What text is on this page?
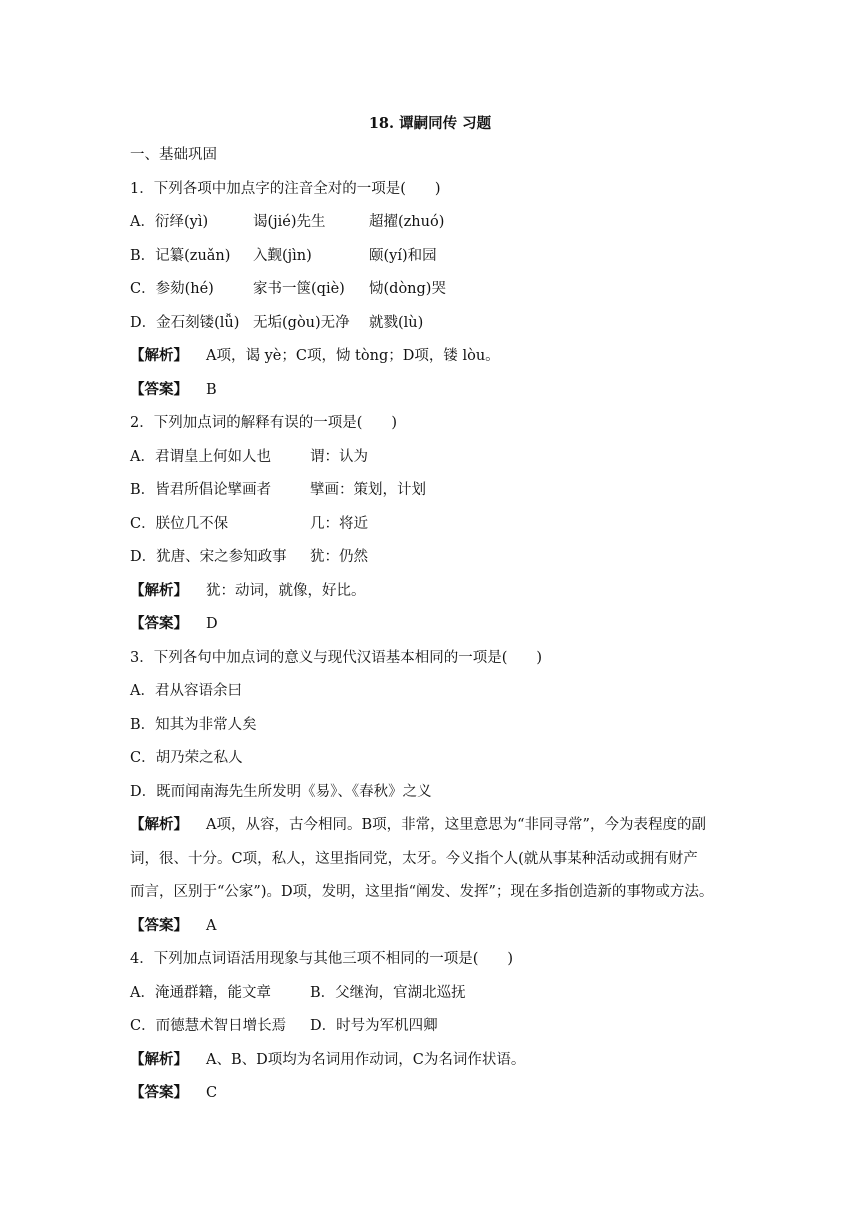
18. 谭嗣同传 习题
一、基础巩固
1．下列各项中加点字的注音全对的一项是(　　)
A．衍绎(yì)	谒(jié)先生	超擢(zhuó)
B．记纂(zuǎn)	入觐(jìn)	颐(yí)和园
C．参劾(hé)	家书一箧(qiè)	恸(dòng)哭
D．金石刻镂(lǚ) 无垢(gòu)无净	就戮(lù)
【解析】 A项，谒 yè；C项，恸 tòng；D项，镂 lòu。
【答案】 B
2．下列加点词的解释有误的一项是(　　)
A．君谓皇上何如人也	谓：认为
B．皆君所倡论擘画者	擘画：策划，计划
C．朕位几不保	几：将近
D．犹唐、宋之参知政事	犹：仍然
【解析】 犹：动词，就像，好比。
【答案】 D
3．下列各句中加点词的意义与现代汉语基本相同的一项是(　　)
A．君从容语余曰
B．知其为非常人矣
C．胡乃荣之私人
D．既而闻南海先生所发明《易》、《春秋》之义
【解析】 A项，从容，古今相同。B项，非常，这里意思为“非同寻常”，今为表程度的副
词，很、十分。C项，私人，这里指同党，太牙。今义指个人(就从事某种活动或拥有财产
而言，区别于“公家”)。D项，发明，这里指“阐发、发挥”；现在多指创造新的事物或方法。
【答案】 A
4．下列加点词语活用现象与其他三项不相同的一项是(　　)
A．淹通群籍，能文章	B．父继洵，官湖北巡抚
C．而德慧术智日增长焉	D．时号为军机四卿
【解析】 A、B、D项均为名词用作动词，C为名词作状语。
【答案】 C
